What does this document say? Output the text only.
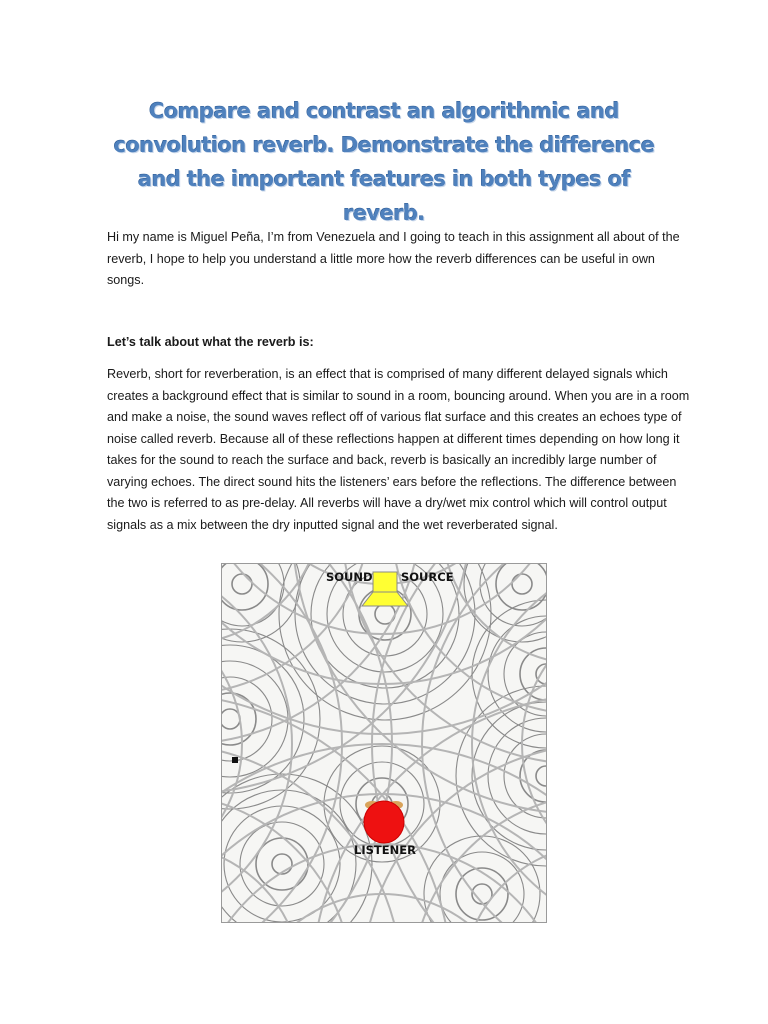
Compare and contrast an algorithmic and convolution reverb. Demonstrate the difference and the important features in both types of reverb.

Hi my name is Miguel Peña, I’m from Venezuela and I going to teach in this assignment all about of the reverb, I hope to help you understand a little more how the reverb differences can be useful in own songs.

Let’s talk about what the reverb is:

Reverb, short for reverberation, is an effect that is comprised of many different delayed signals which creates a background effect that is similar to sound in a room, bouncing around. When you are in a room and make a noise, the sound waves reflect off of various flat surface and this creates an echoes type of noise called reverb. Because all of these reflections happen at different times depending on how long it takes for the sound to reach the surface and back, reverb is basically an incredibly large number of varying echoes. The direct sound hits the listeners’ ears before the reflections. The difference between the two is referred to as pre-delay. All reverbs will have a dry/wet mix control which will control output signals as a mix between the dry inputted signal and the wet reverberated signal.

SOUND SOURCE
LISTENER
